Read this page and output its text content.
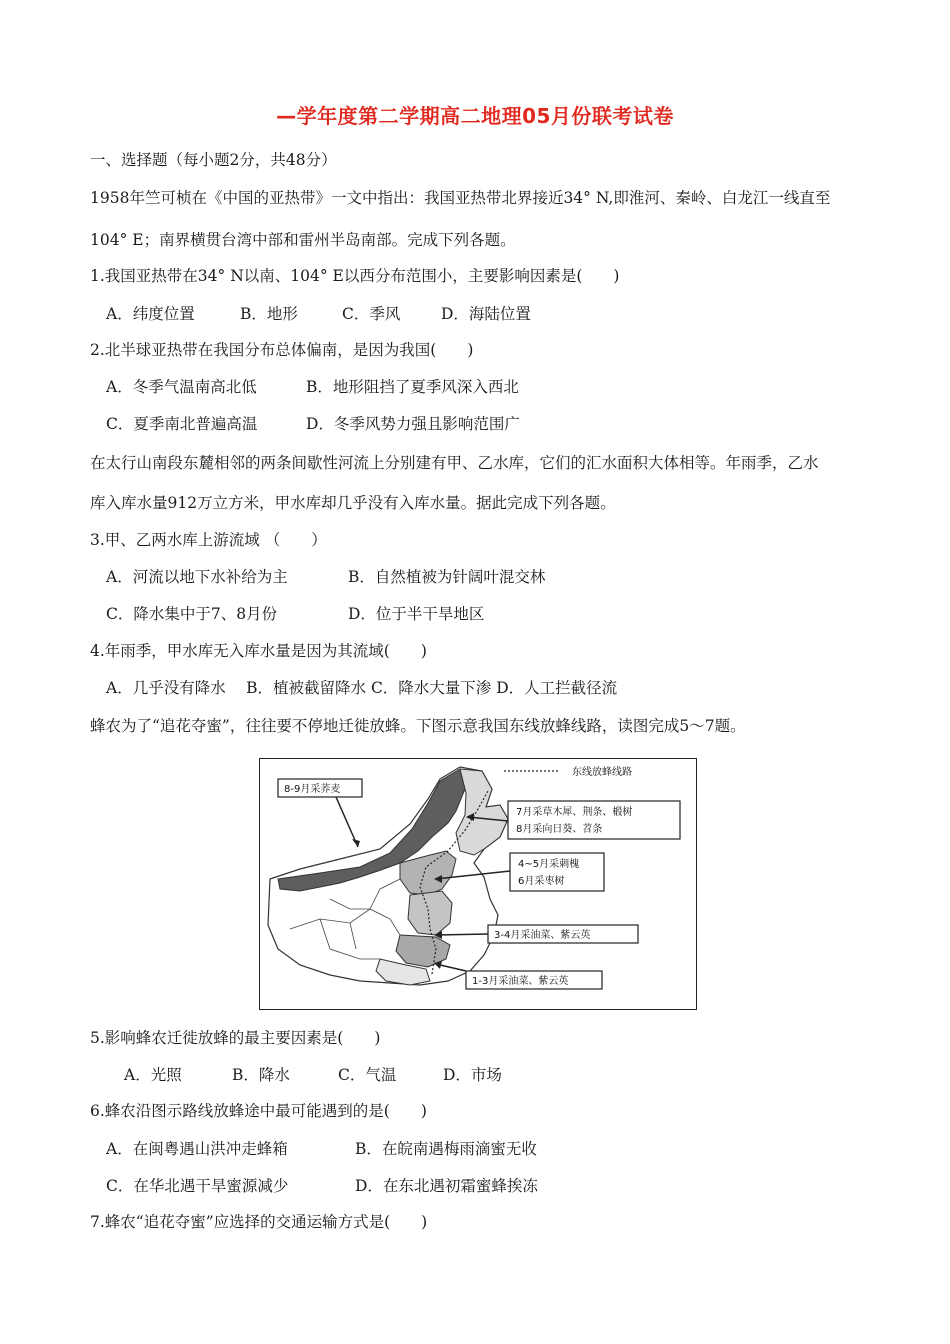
—学年度第二学期高二地理05月份联考试卷
一、选择题（每小题2分，共48分）
1958年竺可桢在《中国的亚热带》一文中指出：我国亚热带北界接近34° N,即淮河、秦岭、白龙江一线直至
104° E；南界横贯台湾中部和雷州半岛南部。完成下列各题。
1.我国亚热带在34° N以南、104° E以西分布范围小，主要影响因素是(　　)
A．纬度位置	B．地形	C．季风	D．海陆位置
2.北半球亚热带在我国分布总体偏南，是因为我国(　　)
A．冬季气温南高北低	B．地形阻挡了夏季风深入西北
C．夏季南北普遍高温	D．冬季风势力强且影响范围广
在太行山南段东麓相邻的两条间歇性河流上分别建有甲、乙水库，它们的汇水面积大体相等。年雨季，乙水
库入库水量912万立方米，甲水库却几乎没有入库水量。据此完成下列各题。
3.甲、乙两水库上游流域 （　　）
A．河流以地下水补给为主	B．自然植被为针阔叶混交林
C．降水集中于7、8月份	D．位于半干旱地区
4.年雨季，甲水库无入库水量是因为其流域(　　)
A．几乎没有降水　 B．植被截留降水 C．降水大量下渗 D．人工拦截径流
蜂农为了“追花夺蜜”，往往要不停地迁徙放蜂。下图示意我国东线放蜂线路，读图完成5～7题。
东线放蜂线路
8-9月采荞麦
7月采草木犀、荆条、椴树
8月采向日葵、苕条
4~5月采刺槐
6月采枣树
3-4月采油菜、紫云英
1-3月采油菜、紫云英
5.影响蜂农迁徙放蜂的最主要因素是(　　)
A．光照	B．降水	C．气温	D．市场
6.蜂农沿图示路线放蜂途中最可能遇到的是(　　)
A．在闽粤遇山洪冲走蜂箱	B．在皖南遇梅雨滴蜜无收
C．在华北遇干旱蜜源减少	D．在东北遇初霜蜜蜂挨冻
7.蜂农“追花夺蜜”应选择的交通运输方式是(　　)
